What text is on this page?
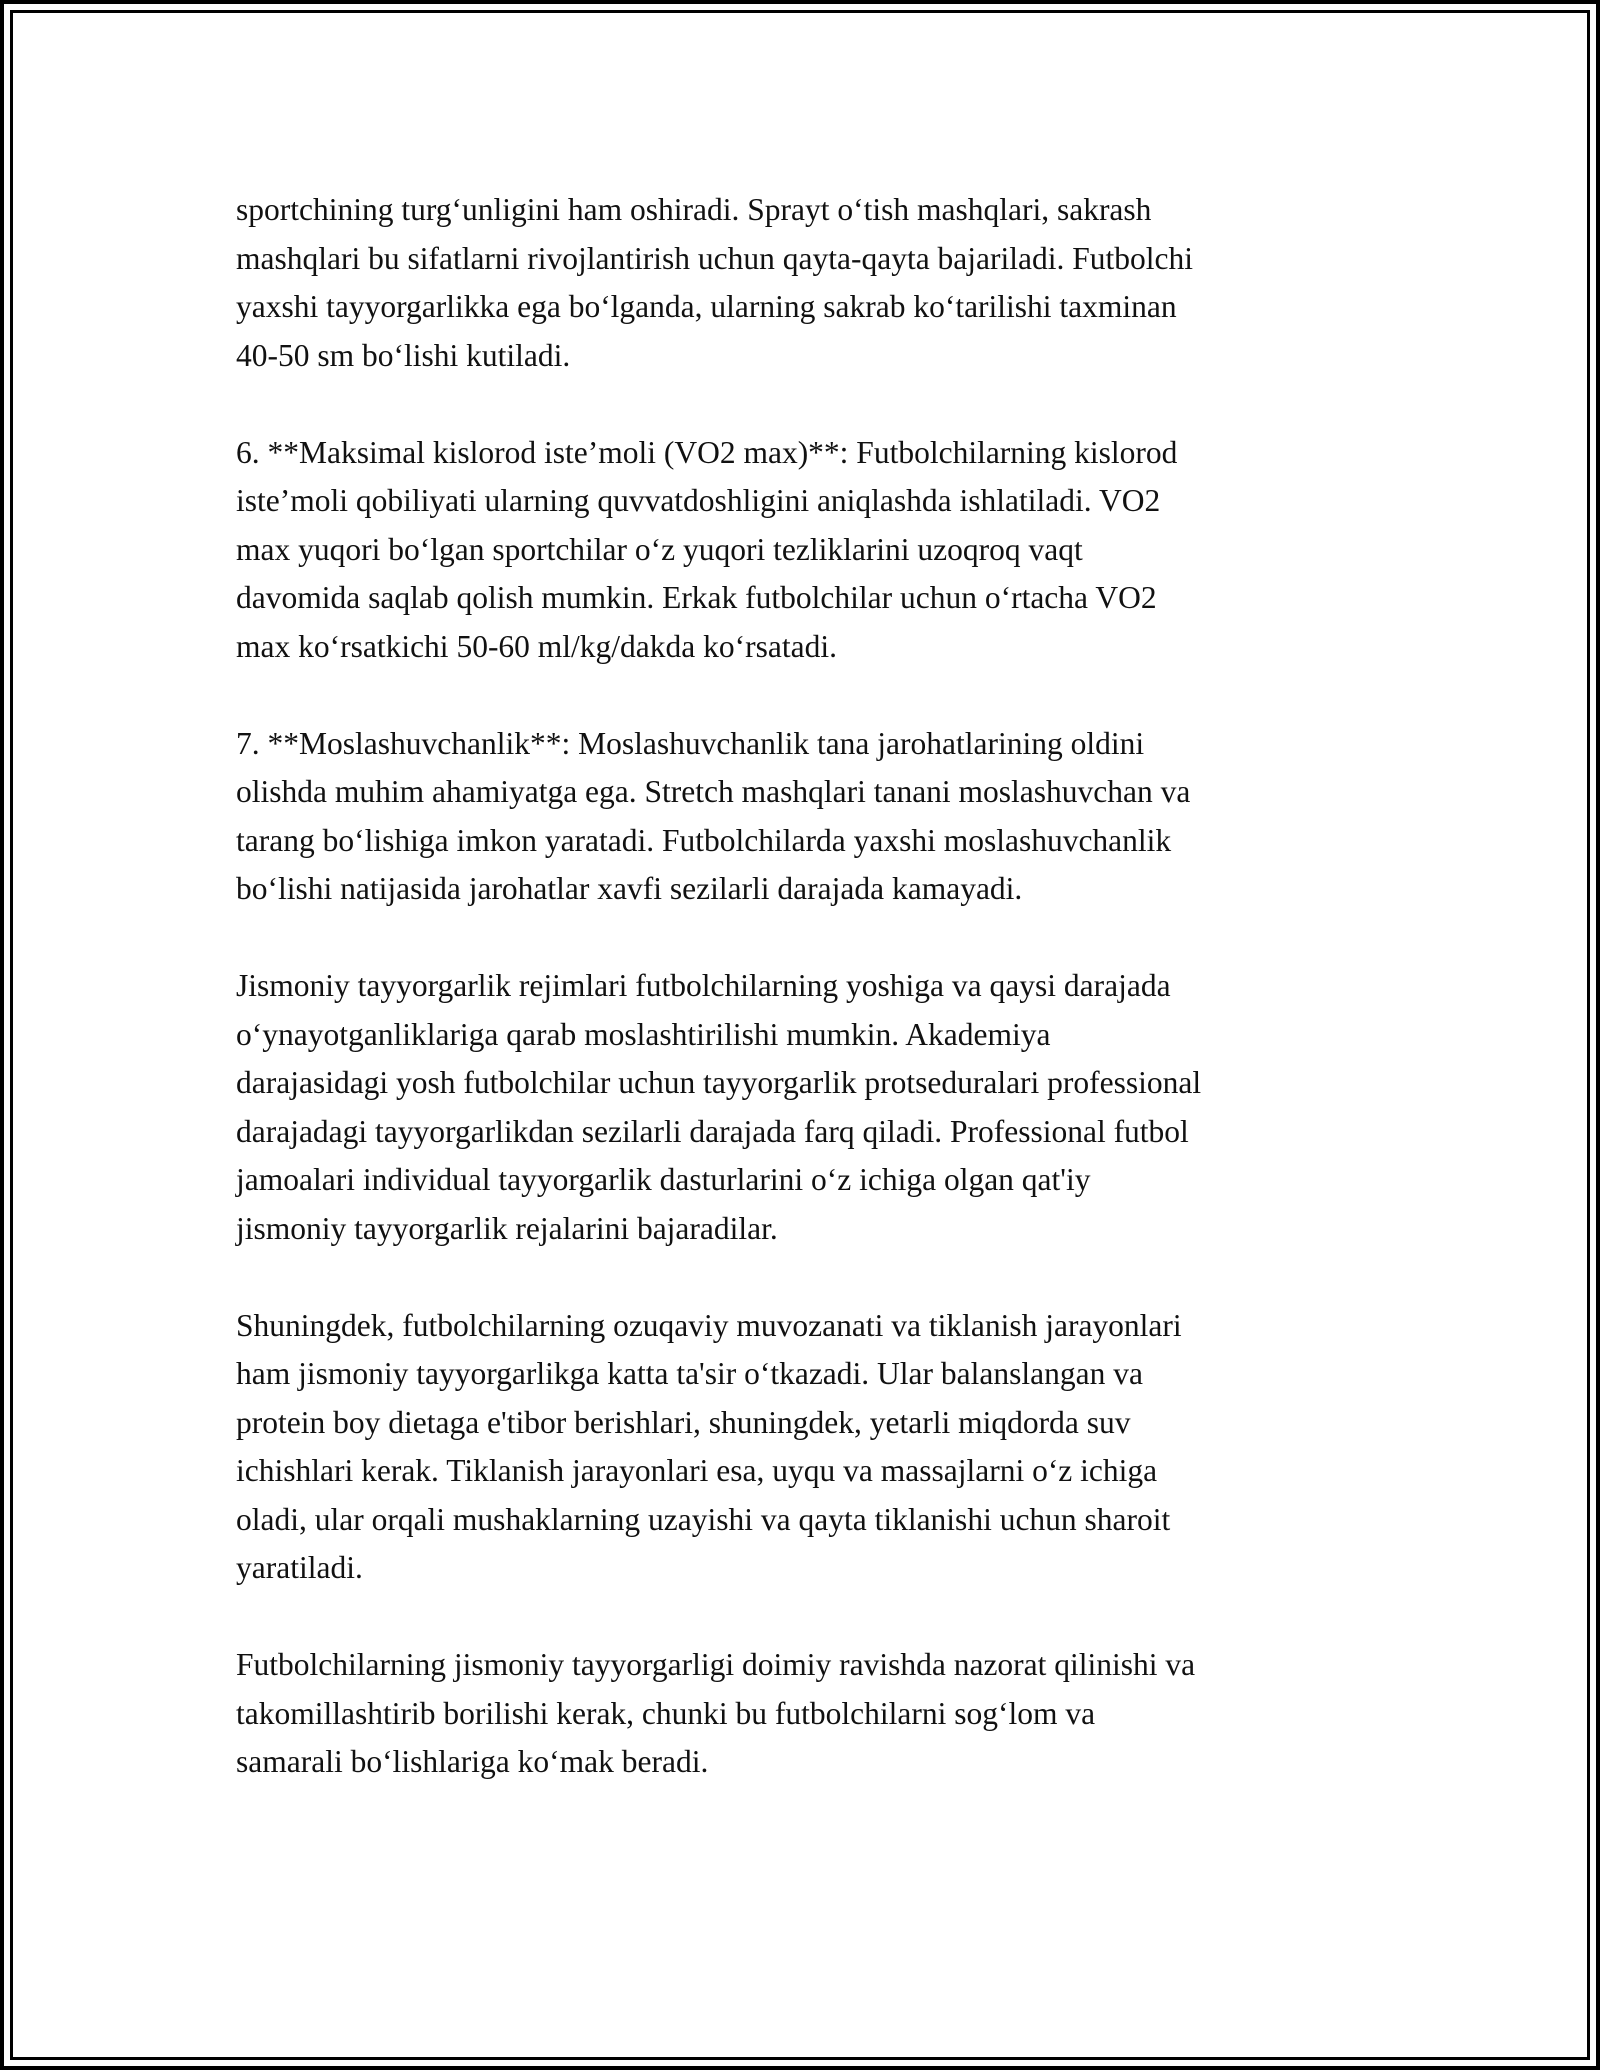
sportchining turg‘unligini ham oshiradi. Sprayt o‘tish mashqlari, sakrash
mashqlari bu sifatlarni rivojlantirish uchun qayta-qayta bajariladi. Futbolchi
yaxshi tayyorgarlikka ega bo‘lganda, ularning sakrab ko‘tarilishi taxminan
40-50 sm bo‘lishi kutiladi.

6. **Maksimal kislorod iste’moli (VO2 max)**: Futbolchilarning kislorod
iste’moli qobiliyati ularning quvvatdoshligini aniqlashda ishlatiladi. VO2
max yuqori bo‘lgan sportchilar o‘z yuqori tezliklarini uzoqroq vaqt
davomida saqlab qolish mumkin. Erkak futbolchilar uchun o‘rtacha VO2
max ko‘rsatkichi 50-60 ml/kg/dakda ko‘rsatadi.

7. **Moslashuvchanlik**: Moslashuvchanlik tana jarohatlarining oldini
olishda muhim ahamiyatga ega. Stretch mashqlari tanani moslashuvchan va
tarang bo‘lishiga imkon yaratadi. Futbolchilarda yaxshi moslashuvchanlik
bo‘lishi natijasida jarohatlar xavfi sezilarli darajada kamayadi.

Jismoniy tayyorgarlik rejimlari futbolchilarning yoshiga va qaysi darajada
o‘ynayotganliklariga qarab moslashtirilishi mumkin. Akademiya
darajasidagi yosh futbolchilar uchun tayyorgarlik protseduralari professional
darajadagi tayyorgarlikdan sezilarli darajada farq qiladi. Professional futbol
jamoalari individual tayyorgarlik dasturlarini o‘z ichiga olgan qat'iy
jismoniy tayyorgarlik rejalarini bajaradilar.

Shuningdek, futbolchilarning ozuqaviy muvozanati va tiklanish jarayonlari
ham jismoniy tayyorgarlikga katta ta'sir o‘tkazadi. Ular balanslangan va
protein boy dietaga e'tibor berishlari, shuningdek, yetarli miqdorda suv
ichishlari kerak. Tiklanish jarayonlari esa, uyqu va massajlarni o‘z ichiga
oladi, ular orqali mushaklarning uzayishi va qayta tiklanishi uchun sharoit
yaratiladi.

Futbolchilarning jismoniy tayyorgarligi doimiy ravishda nazorat qilinishi va
takomillashtirib borilishi kerak, chunki bu futbolchilarni sog‘lom va
samarali bo‘lishlariga ko‘mak beradi.
